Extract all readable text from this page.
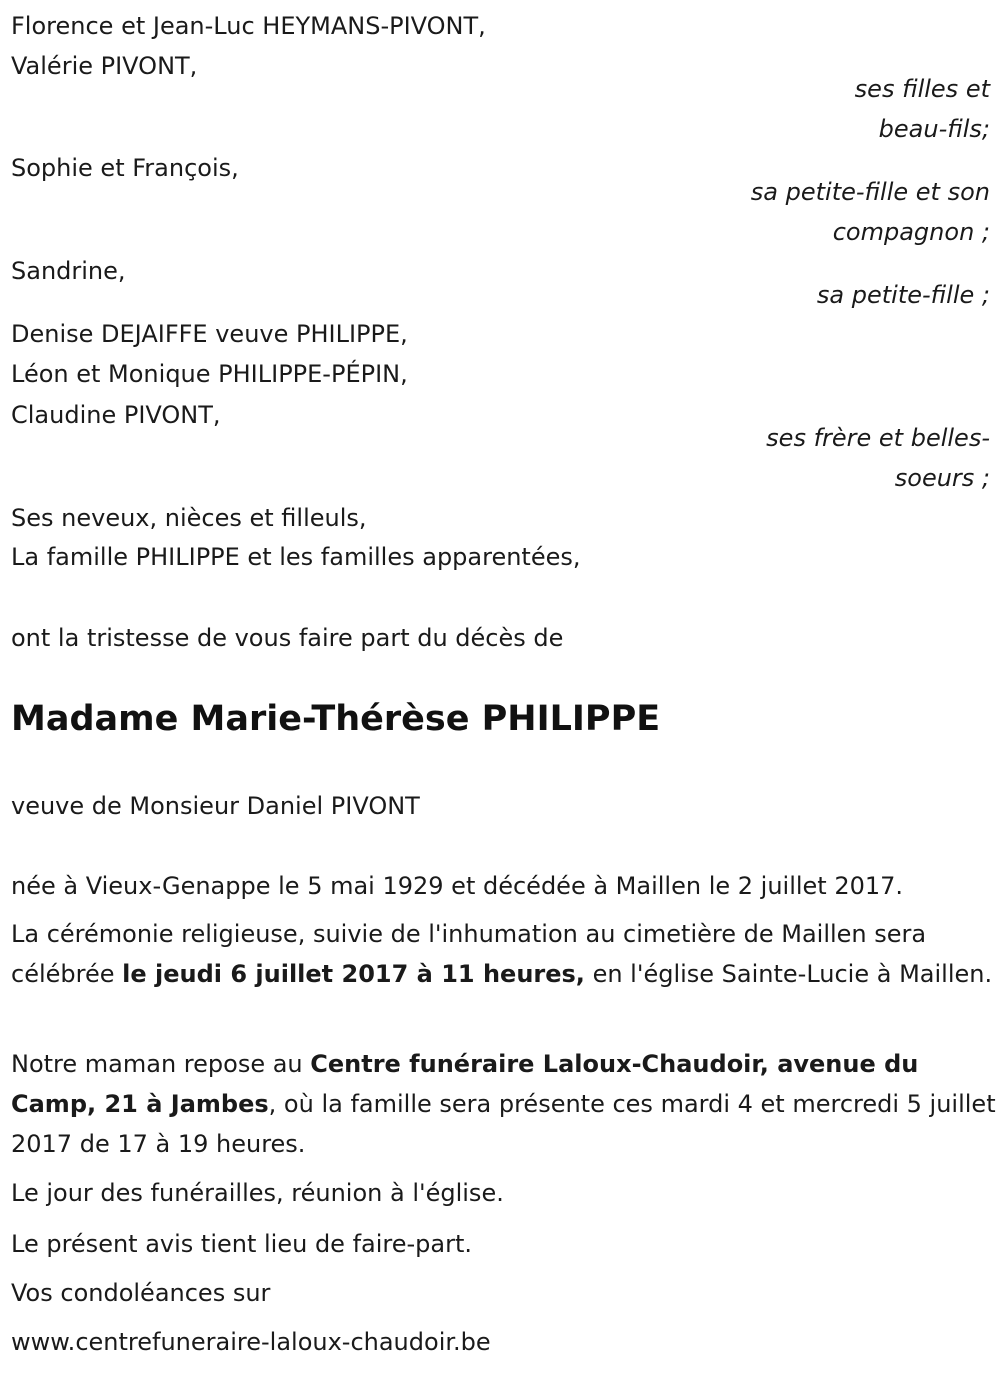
Florence et Jean-Luc HEYMANS-PIVONT,
Valérie PIVONT,
ses filles et
beau-fils;
Sophie et François,
sa petite-fille et son
compagnon ;
Sandrine,
sa petite-fille ;
Denise DEJAIFFE veuve PHILIPPE,
Léon et Monique PHILIPPE-PÉPIN,
Claudine PIVONT,
ses frère et belles-
soeurs ;
Ses neveux, nièces et filleuls,
La famille PHILIPPE et les familles apparentées,
ont la tristesse de vous faire part du décès de
Madame Marie-Thérèse PHILIPPE
veuve de Monsieur Daniel PIVONT
née à Vieux-Genappe le 5 mai 1929 et décédée à Maillen le 2 juillet 2017.
La cérémonie religieuse, suivie de l'inhumation au cimetière de Maillen sera célébrée le jeudi 6 juillet 2017 à 11 heures, en l'église Sainte-Lucie à Maillen.
Notre maman repose au Centre funéraire Laloux-Chaudoir, avenue du Camp, 21 à Jambes, où la famille sera présente ces mardi 4 et mercredi 5 juillet 2017 de 17 à 19 heures.
Le jour des funérailles, réunion à l'église.
Le présent avis tient lieu de faire-part.
Vos condoléances sur
www.centrefuneraire-laloux-chaudoir.be
